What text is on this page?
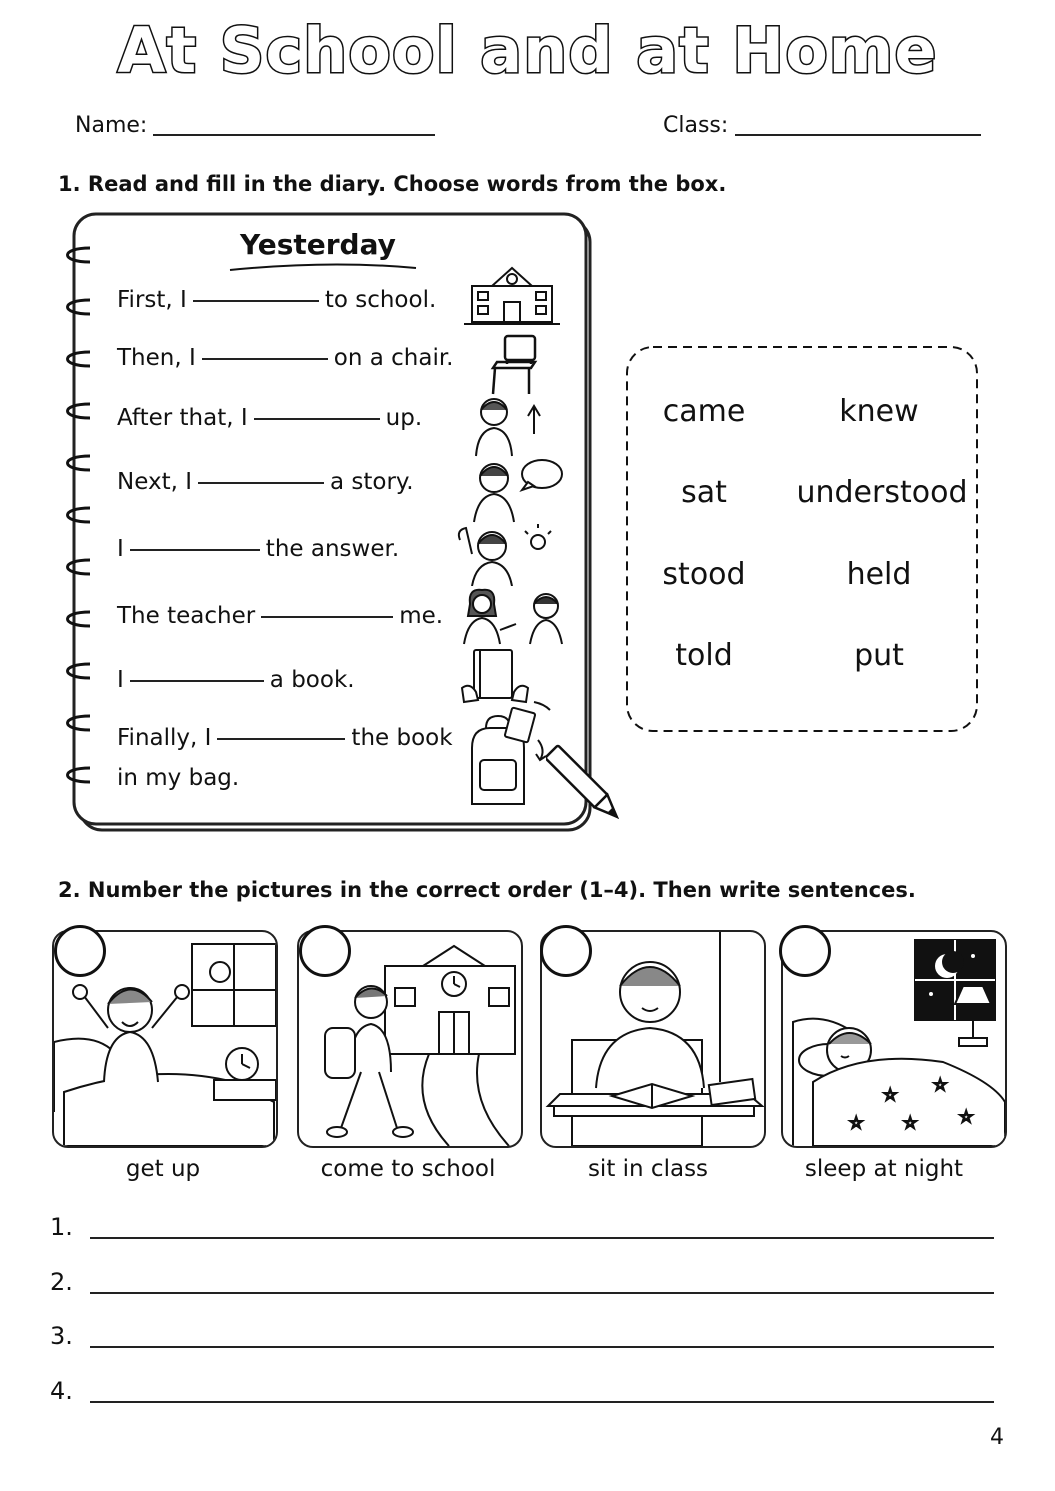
At School and at Home
Name:	Class:
1. Read and fill in the diary. Choose words from the box.
Yesterday
First, I	to school.
Then, I	on a chair.
After that, I	up.
Next, I	a story.
I	the answer.
The teacher	me.
I	a book.
Finally, I	the book
in my bag.
came	knew
sat	understood
stood	held
told	put
2. Number the pictures in the correct order (1–4). Then write sentences.
☆
☆
☆	☆
☆
get up	come to school	sit in class	sleep at night
1.
2.
3.
4.
4
